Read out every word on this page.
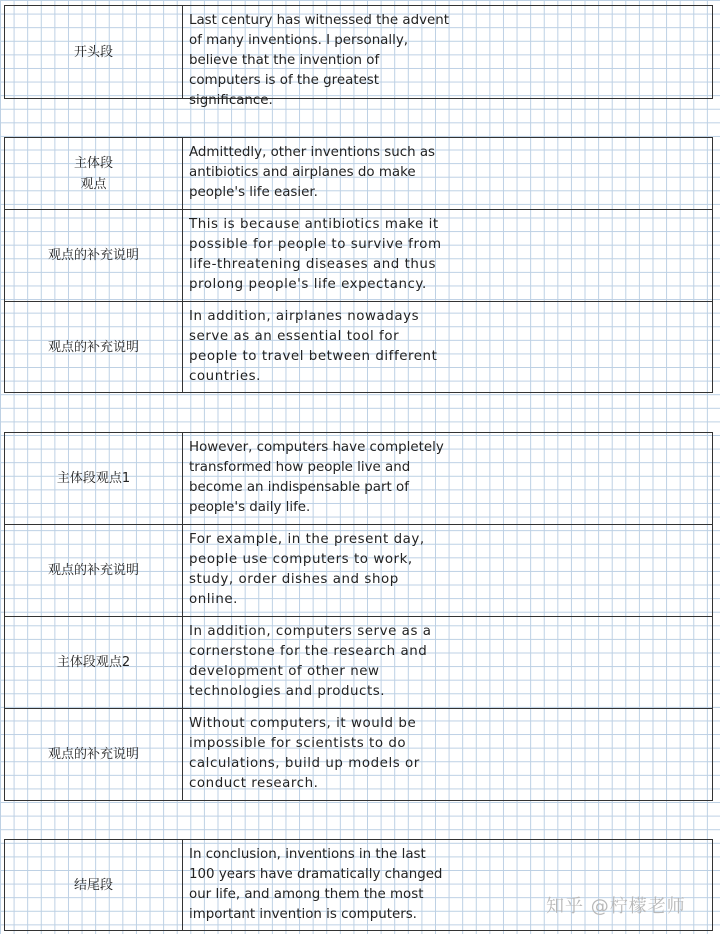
开头段

Last century has witnessed the advent of many inventions. I personally, believe that the invention of computers is of the greatest significance.

主体段
观点

Admittedly, other inventions such as antibiotics and airplanes do make people's life easier.

观点的补充说明

This is because antibiotics make it possible for people to survive from life-threatening diseases and thus prolong people's life expectancy.

观点的补充说明

In addition, airplanes nowadays serve as an essential tool for people to travel between different countries.

主体段观点1

However, computers have completely transformed how people live and become an indispensable part of people's daily life.

观点的补充说明

For example, in the present day, people use computers to work, study, order dishes and shop online.

主体段观点2

In addition, computers serve as a cornerstone for the research and development of other new technologies and products.

观点的补充说明

Without computers, it would be impossible for scientists to do calculations, build up models or conduct research.

结尾段

In conclusion, inventions in the last 100 years have dramatically changed our life, and among them the most important invention is computers.	知乎 @柠檬老师
